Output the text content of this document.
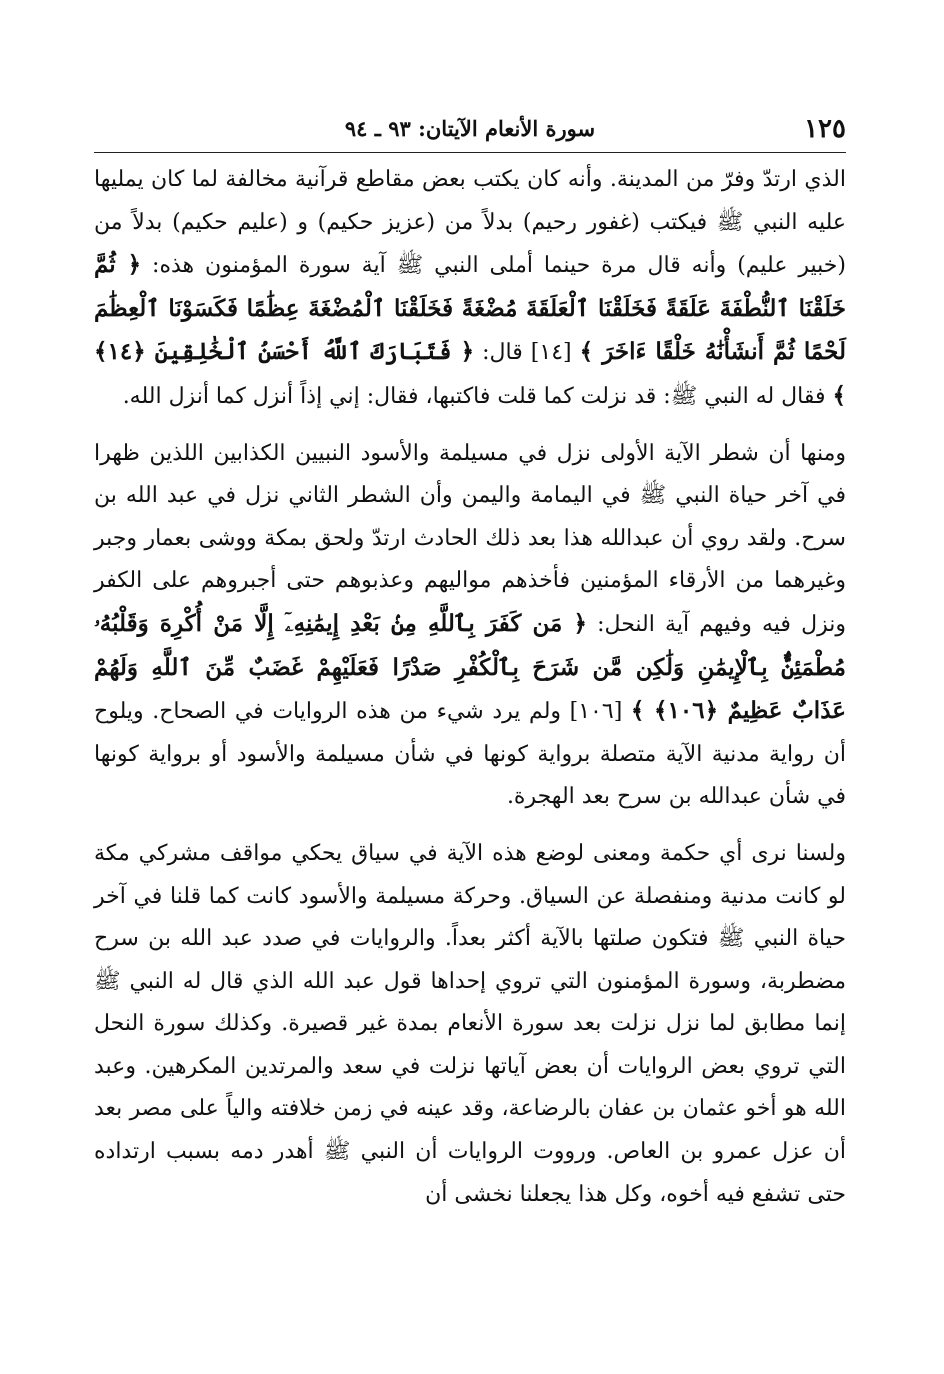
١٢٥
سورة الأنعام الآيتان: ٩٣ ـ ٩٤

الذي ارتدّ وفرّ من المدينة. وأنه كان يكتب بعض مقاطع قرآنية مخالفة لما كان يمليها عليه النبي ﷺ فيكتب (غفور رحيم) بدلاً من (عزيز حكيم) و (عليم حكيم) بدلاً من (خبير عليم) وأنه قال مرة حينما أملى النبي ﷺ آية سورة المؤمنون هذه: ﴿ ثُمَّ خَلَقْنَا ٱلنُّطْفَةَ عَلَقَةً فَخَلَقْنَا ٱلْعَلَقَةَ مُضْغَةً فَخَلَقْنَا ٱلْمُضْغَةَ عِظَٰمًا فَكَسَوْنَا ٱلْعِظَٰمَ لَحْمًا ثُمَّ أَنشَأْنَٰهُ خَلْقًا ءَاخَرَ ﴾ [١٤] قال: ﴿ فَتَبَارَكَ ٱللَّهُ أَحْسَنُ ٱلْخَٰلِقِينَ ﴿١٤﴾ ﴾ فقال له النبي ﷺ: قد نزلت كما قلت فاكتبها، فقال: إني إذاً أنزل كما أنزل الله.

ومنها أن شطر الآية الأولى نزل في مسيلمة والأسود النبيين الكذابين اللذين ظهرا في آخر حياة النبي ﷺ في اليمامة واليمن وأن الشطر الثاني نزل في عبد الله بن سرح. ولقد روي أن عبدالله هذا بعد ذلك الحادث ارتدّ ولحق بمكة ووشى بعمار وجبر وغيرهما من الأرقاء المؤمنين فأخذهم مواليهم وعذبوهم حتى أجبروهم على الكفر ونزل فيه وفيهم آية النحل: ﴿ مَن كَفَرَ بِٱللَّهِ مِنۢ بَعْدِ إِيمَٰنِهِۦٓ إِلَّا مَنْ أُكْرِهَ وَقَلْبُهُۥ مُطْمَئِنٌّۢ بِٱلْإِيمَٰنِ وَلَٰكِن مَّن شَرَحَ بِٱلْكُفْرِ صَدْرًا فَعَلَيْهِمْ غَضَبٌ مِّنَ ٱللَّهِ وَلَهُمْ عَذَابٌ عَظِيمٌ ﴿١٠٦﴾ ﴾ [١٠٦] ولم يرد شيء من هذه الروايات في الصحاح. ويلوح أن رواية مدنية الآية متصلة برواية كونها في شأن مسيلمة والأسود أو برواية كونها في شأن عبدالله بن سرح بعد الهجرة.

ولسنا نرى أي حكمة ومعنى لوضع هذه الآية في سياق يحكي مواقف مشركي مكة لو كانت مدنية ومنفصلة عن السياق. وحركة مسيلمة والأسود كانت كما قلنا في آخر حياة النبي ﷺ فتكون صلتها بالآية أكثر بعداً. والروايات في صدد عبد الله بن سرح مضطربة، وسورة المؤمنون التي تروي إحداها قول عبد الله الذي قال له النبي ﷺ إنما مطابق لما نزل نزلت بعد سورة الأنعام بمدة غير قصيرة. وكذلك سورة النحل التي تروي بعض الروايات أن بعض آياتها نزلت في سعد والمرتدين المكرهين. وعبد الله هو أخو عثمان بن عفان بالرضاعة، وقد عينه في زمن خلافته والياً على مصر بعد أن عزل عمرو بن العاص. ورووت الروايات أن النبي ﷺ أهدر دمه بسبب ارتداده حتى تشفع فيه أخوه، وكل هذا يجعلنا نخشى أن
